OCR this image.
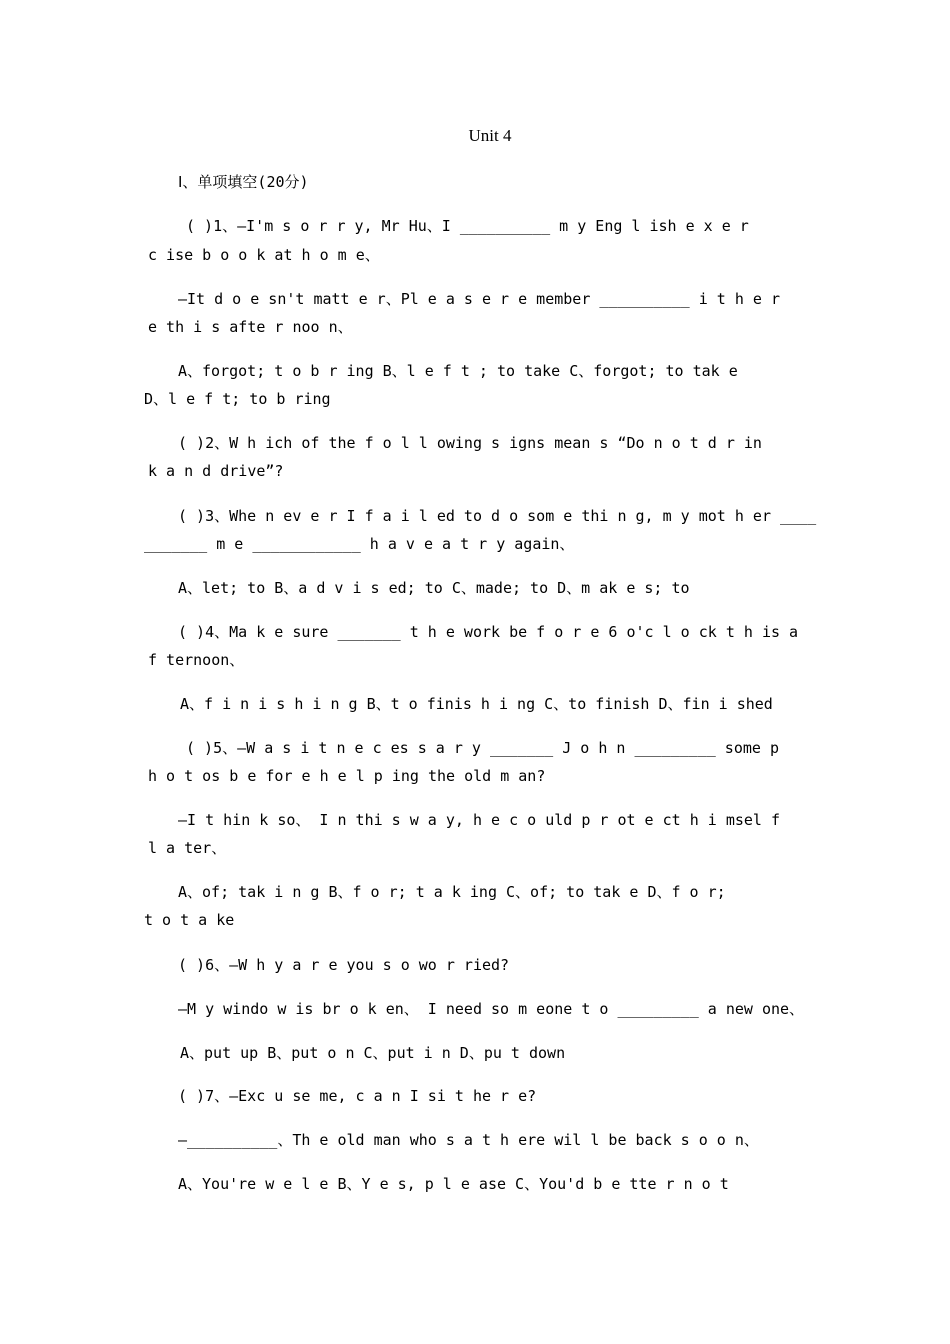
Unit 4
Ⅰ、单项填空(20分)
( )1、—I'm s o r r y, Mr Hu、I __________ m y Eng l ish e x e r
c ise b o o k at h o m e、
—It d o e sn't matt e r、Pl e a s e r e member __________ i t h e r
e th i s afte r noo n、
A、forgot; t o b r ing B、l e f t ; to take C、forgot; to tak e
D、l e f t; to b ring
( )2、W h ich of the f o l l owing s igns mean s “Do n o t d r in
k a n d drive”?
( )3、Whe n ev e r I f a i l ed to d o som e thi n g, m y mot h er ____
_______ m e ____________ h a v e a t r y again、
A、let; to B、a d v i s ed; to C、made; to D、m ak e s; to
( )4、Ma k e sure _______ t h e work be f o r e 6 o'c l o ck t h is a
f ternoon、
A、f i n i s h i n g B、t o finis h i ng C、to finish D、fin i shed
( )5、—W a s i t n e c es s a r y _______ J o h n _________ some p
h o t os b e for e h e l p ing the old m an?
—I t hin k so、 I n thi s w a y, h e c o uld p r ot e ct h i msel f
l a ter、
A、of; tak i n g B、f o r; t a k ing C、of; to tak e D、f o r;
t o t a ke
( )6、—W h y a r e you s o wo r ried?
—M y windo w is br o k en、 I need so m eone t o _________ a new one、
A、put up B、put o n C、put i n D、pu t down
( )7、—Exc u se me, c a n I si t he r e?
—__________、Th e old man who s a t h ere wil l be back s o o n、
A、You're w e l e B、Y e s, p l e ase C、You'd b e tte r n o t
